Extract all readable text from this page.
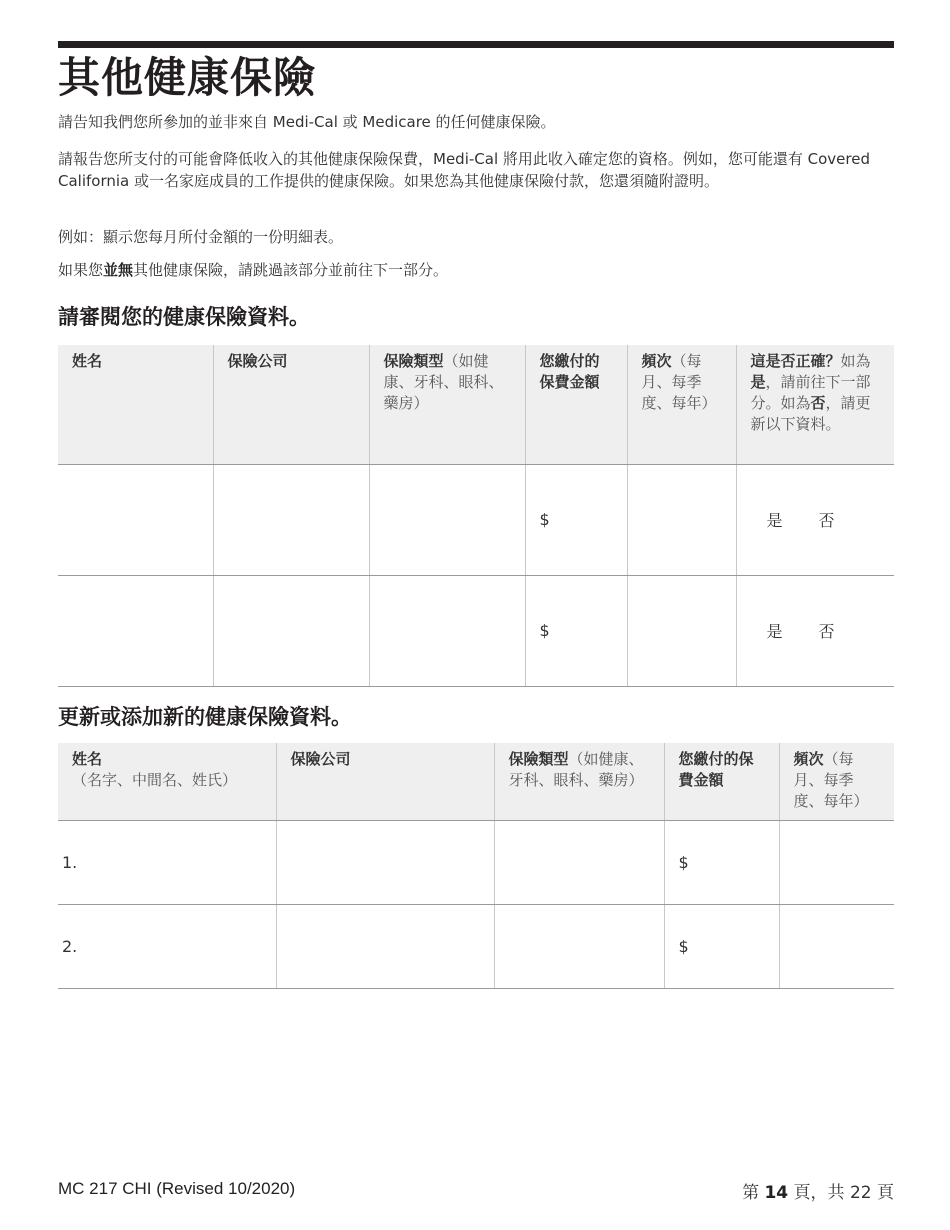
其他健康保險

請告知我們您所參加的並非來自 Medi-Cal 或 Medicare 的任何健康保險。

請報告您所支付的可能會降低收入的其他健康保險保費，Medi-Cal 將用此收入確定您的資格。例如，您可能還有 Covered California 或一名家庭成員的工作提供的健康保險。如果您為其他健康保險付款，您還須隨附證明。

例如：顯示您每月所付金額的一份明細表。

如果您並無其他健康保險，請跳過該部分並前往下一部分。

請審閱您的健康保險資料。
姓名	保險公司	保險類型（如健康、牙科、眼科、藥房）	您繳付的保費金額	頻次（每月、每季度、每年）	這是否正確？如為是，請前往下一部分。如為否，請更新以下資料。
			$		是 否

			$		是 否
更新或添加新的健康保險資料。
姓名（名字、中間名、姓氏）	保險公司	保險類型（如健康、牙科、眼科、藥房）	您繳付的保費金額	頻次（每月、每季度、每年）
1.			$	
2.			$	
MC 217 CHI (Revised 10/2020)	第 14 頁，共 22 頁
